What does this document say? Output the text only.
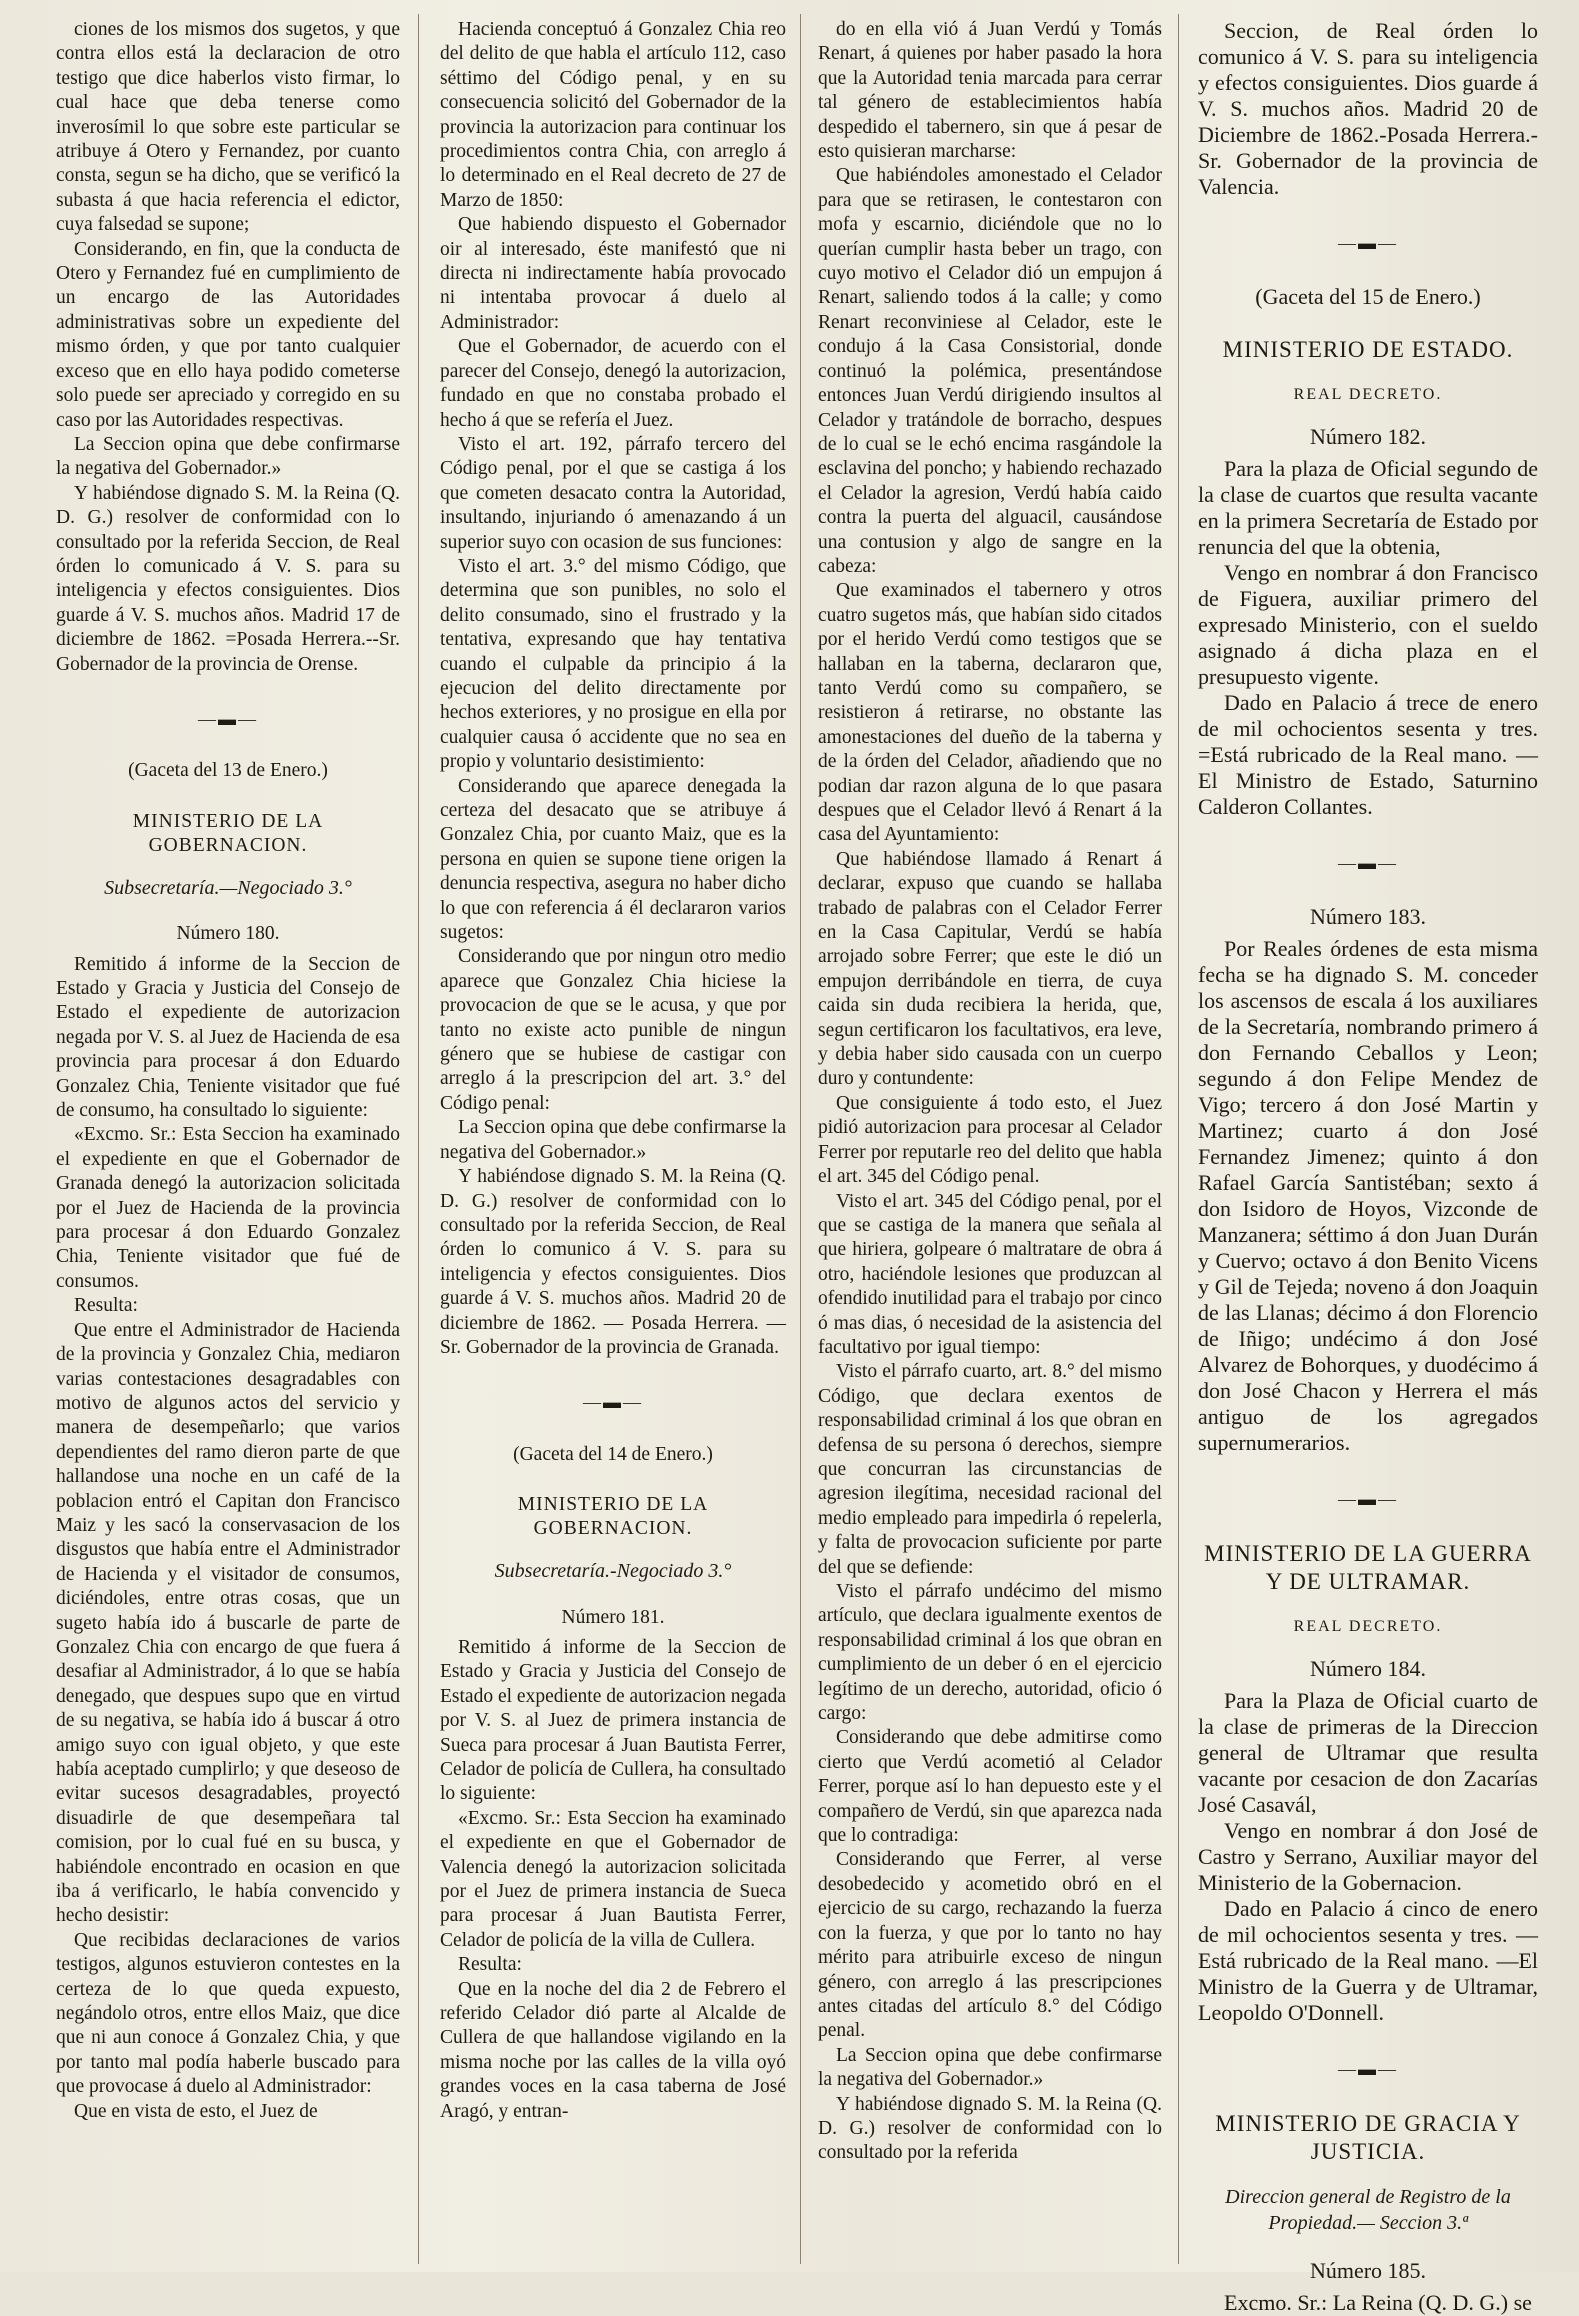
ciones de los mismos dos sugetos, y que contra ellos está la declaracion de otro testigo que dice haberlos visto firmar, lo cual hace que deba tenerse como inverosímil lo que sobre este particular se atribuye á Otero y Fernandez, por cuanto consta, segun se ha dicho, que se verificó la subasta á que hacia referencia el edictor, cuya falsedad se supone;

Considerando, en fin, que la conducta de Otero y Fernandez fué en cumplimiento de un encargo de las Autoridades administrativas sobre un expediente del mismo órden, y que por tanto cualquier exceso que en ello haya podido cometerse solo puede ser apreciado y corregido en su caso por las Autoridades respectivas.

La Seccion opina que debe confirmarse la negativa del Gobernador.»

Y habiéndose dignado S. M. la Reina (Q. D. G.) resolver de conformidad con lo consultado por la referida Seccion, de Real órden lo comunicado á V. S. para su inteligencia y efectos consiguientes. Dios guarde á V. S. muchos años. Madrid 17 de diciembre de 1862. =Posada Herrera.--Sr. Gobernador de la provincia de Orense.

—▬—
(Gaceta del 13 de Enero.)
MINISTERIO DE LA GOBERNACION.
Subsecretaría.—Negociado 3.°
Número 180.

Remitido á informe de la Seccion de Estado y Gracia y Justicia del Consejo de Estado el expediente de autorizacion negada por V. S. al Juez de Hacienda de esa provincia para procesar á don Eduardo Gonzalez Chia, Teniente visitador que fué de consumo, ha consultado lo siguiente:

«Excmo. Sr.: Esta Seccion ha examinado el expediente en que el Gobernador de Granada denegó la autorizacion solicitada por el Juez de Hacienda de la provincia para procesar á don Eduardo Gonzalez Chia, Teniente visitador que fué de consumos.

Resulta:

Que entre el Administrador de Hacienda de la provincia y Gonzalez Chia, mediaron varias contestaciones desagradables con motivo de algunos actos del servicio y manera de desempeñarlo; que varios dependientes del ramo dieron parte de que hallandose una noche en un café de la poblacion entró el Capitan don Francisco Maiz y les sacó la conservasacion de los disgustos que había entre el Administrador de Hacienda y el visitador de consumos, diciéndoles, entre otras cosas, que un sugeto había ido á buscarle de parte de Gonzalez Chia con encargo de que fuera á desafiar al Administrador, á lo que se había denegado, que despues supo que en virtud de su negativa, se había ido á buscar á otro amigo suyo con igual objeto, y que este había aceptado cumplirlo; y que deseoso de evitar sucesos desagradables, proyectó disuadirle de que desempeñara tal comision, por lo cual fué en su busca, y habiéndole encontrado en ocasion en que iba á verificarlo, le había convencido y hecho desistir:

Que recibidas declaraciones de varios testigos, algunos estuvieron contestes en la certeza de lo que queda expuesto, negándolo otros, entre ellos Maiz, que dice que ni aun conoce á Gonzalez Chia, y que por tanto mal podía haberle buscado para que provocase á duelo al Administrador:

Que en vista de esto, el Juez de

Hacienda conceptuó á Gonzalez Chia reo del delito de que habla el artículo 112, caso séttimo del Código penal, y en su consecuencia solicitó del Gobernador de la provincia la autorizacion para continuar los procedimientos contra Chia, con arreglo á lo determinado en el Real decreto de 27 de Marzo de 1850:

Que habiendo dispuesto el Gobernador oir al interesado, éste manifestó que ni directa ni indirectamente había provocado ni intentaba provocar á duelo al Administrador:

Que el Gobernador, de acuerdo con el parecer del Consejo, denegó la autorizacion, fundado en que no constaba probado el hecho á que se refería el Juez.

Visto el art. 192, párrafo tercero del Código penal, por el que se castiga á los que cometen desacato contra la Autoridad, insultando, injuriando ó amenazando á un superior suyo con ocasion de sus funciones:

Visto el art. 3.° del mismo Código, que determina que son punibles, no solo el delito consumado, sino el frustrado y la tentativa, expresando que hay tentativa cuando el culpable da principio á la ejecucion del delito directamente por hechos exteriores, y no prosigue en ella por cualquier causa ó accidente que no sea en propio y voluntario desistimiento:

Considerando que aparece denegada la certeza del desacato que se atribuye á Gonzalez Chia, por cuanto Maiz, que es la persona en quien se supone tiene origen la denuncia respectiva, asegura no haber dicho lo que con referencia á él declararon varios sugetos:

Considerando que por ningun otro medio aparece que Gonzalez Chia hiciese la provocacion de que se le acusa, y que por tanto no existe acto punible de ningun género que se hubiese de castigar con arreglo á la prescripcion del art. 3.° del Código penal:

La Seccion opina que debe confirmarse la negativa del Gobernador.»

Y habiéndose dignado S. M. la Reina (Q. D. G.) resolver de conformidad con lo consultado por la referida Seccion, de Real órden lo comunico á V. S. para su inteligencia y efectos consiguientes. Dios guarde á V. S. muchos años. Madrid 20 de diciembre de 1862. — Posada Herrera. — Sr. Gobernador de la provincia de Granada.

—▬—
(Gaceta del 14 de Enero.)
MINISTERIO DE LA GOBERNACION.
Subsecretaría.-Negociado 3.°
Número 181.

Remitido á informe de la Seccion de Estado y Gracia y Justicia del Consejo de Estado el expediente de autorizacion negada por V. S. al Juez de primera instancia de Sueca para procesar á Juan Bautista Ferrer, Celador de policía de Cullera, ha consultado lo siguiente:

«Excmo. Sr.: Esta Seccion ha examinado el expediente en que el Gobernador de Valencia denegó la autorizacion solicitada por el Juez de primera instancia de Sueca para procesar á Juan Bautista Ferrer, Celador de policía de la villa de Cullera.

Resulta:

Que en la noche del dia 2 de Febrero el referido Celador dió parte al Alcalde de Cullera de que hallandose vigilando en la misma noche por las calles de la villa oyó grandes voces en la casa taberna de José Aragó, y entran-

do en ella vió á Juan Verdú y Tomás Renart, á quienes por haber pasado la hora que la Autoridad tenia marcada para cerrar tal género de establecimientos había despedido el tabernero, sin que á pesar de esto quisieran marcharse:

Que habiéndoles amonestado el Celador para que se retirasen, le contestaron con mofa y escarnio, diciéndole que no lo querían cumplir hasta beber un trago, con cuyo motivo el Celador dió un empujon á Renart, saliendo todos á la calle; y como Renart reconviniese al Celador, este le condujo á la Casa Consistorial, donde continuó la polémica, presentándose entonces Juan Verdú dirigiendo insultos al Celador y tratándole de borracho, despues de lo cual se le echó encima rasgándole la esclavina del poncho; y habiendo rechazado el Celador la agresion, Verdú había caido contra la puerta del alguacil, causándose una contusion y algo de sangre en la cabeza:

Que examinados el tabernero y otros cuatro sugetos más, que habían sido citados por el herido Verdú como testigos que se hallaban en la taberna, declararon que, tanto Verdú como su compañero, se resistieron á retirarse, no obstante las amonestaciones del dueño de la taberna y de la órden del Celador, añadiendo que no podian dar razon alguna de lo que pasara despues que el Celador llevó á Renart á la casa del Ayuntamiento:

Que habiéndose llamado á Renart á declarar, expuso que cuando se hallaba trabado de palabras con el Celador Ferrer en la Casa Capitular, Verdú se había arrojado sobre Ferrer; que este le dió un empujon derribándole en tierra, de cuya caida sin duda recibiera la herida, que, segun certificaron los facultativos, era leve, y debia haber sido causada con un cuerpo duro y contundente:

Que consiguiente á todo esto, el Juez pidió autorizacion para procesar al Celador Ferrer por reputarle reo del delito que habla el art. 345 del Código penal.

Visto el art. 345 del Código penal, por el que se castiga de la manera que señala al que hiriera, golpeare ó maltratare de obra á otro, haciéndole lesiones que produzcan al ofendido inutilidad para el trabajo por cinco ó mas dias, ó necesidad de la asistencia del facultativo por igual tiempo:

Visto el párrafo cuarto, art. 8.° del mismo Código, que declara exentos de responsabilidad criminal á los que obran en defensa de su persona ó derechos, siempre que concurran las circunstancias de agresion ilegítima, necesidad racional del medio empleado para impedirla ó repelerla, y falta de provocacion suficiente por parte del que se defiende:

Visto el párrafo undécimo del mismo artículo, que declara igualmente exentos de responsabilidad criminal á los que obran en cumplimiento de un deber ó en el ejercicio legítimo de un derecho, autoridad, oficio ó cargo:

Considerando que debe admitirse como cierto que Verdú acometió al Celador Ferrer, porque así lo han depuesto este y el compañero de Verdú, sin que aparezca nada que lo contradiga:

Considerando que Ferrer, al verse desobedecido y acometido obró en el ejercicio de su cargo, rechazando la fuerza con la fuerza, y que por lo tanto no hay mérito para atribuirle exceso de ningun género, con arreglo á las prescripciones antes citadas del artículo 8.° del Código penal.

La Seccion opina que debe confirmarse la negativa del Gobernador.»

Y habiéndose dignado S. M. la Reina (Q. D. G.) resolver de conformidad con lo consultado por la referida

Seccion, de Real órden lo comunico á V. S. para su inteligencia y efectos consiguientes. Dios guarde á V. S. muchos años. Madrid 20 de Diciembre de 1862.-Posada Herrera.-Sr. Gobernador de la provincia de Valencia.

—▬—
(Gaceta del 15 de Enero.)
MINISTERIO DE ESTADO.
REAL DECRETO.
Número 182.

Para la plaza de Oficial segundo de la clase de cuartos que resulta vacante en la primera Secretaría de Estado por renuncia del que la obtenia,

Vengo en nombrar á don Francisco de Figuera, auxiliar primero del expresado Ministerio, con el sueldo asignado á dicha plaza en el presupuesto vigente.

Dado en Palacio á trece de enero de mil ochocientos sesenta y tres. =Está rubricado de la Real mano. —El Ministro de Estado, Saturnino Calderon Collantes.

—▬—
Número 183.

Por Reales órdenes de esta misma fecha se ha dignado S. M. conceder los ascensos de escala á los auxiliares de la Secretaría, nombrando primero á don Fernando Ceballos y Leon; segundo á don Felipe Mendez de Vigo; tercero á don José Martin y Martinez; cuarto á don José Fernandez Jimenez; quinto á don Rafael García Santistéban; sexto á don Isidoro de Hoyos, Vizconde de Manzanera; séttimo á don Juan Durán y Cuervo; octavo á don Benito Vicens y Gil de Tejeda; noveno á don Joaquin de las Llanas; décimo á don Florencio de Iñigo; undécimo á don José Alvarez de Bohorques, y duodécimo á don José Chacon y Herrera el más antiguo de los agregados supernumerarios.

—▬—
MINISTERIO DE LA GUERRA Y DE ULTRAMAR.
REAL DECRETO.
Número 184.

Para la Plaza de Oficial cuarto de la clase de primeras de la Direccion general de Ultramar que resulta vacante por cesacion de don Zacarías José Casavál,

Vengo en nombrar á don José de Castro y Serrano, Auxiliar mayor del Ministerio de la Gobernacion.

Dado en Palacio á cinco de enero de mil ochocientos sesenta y tres. —Está rubricado de la Real mano. —El Ministro de la Guerra y de Ultramar, Leopoldo O'Donnell.

—▬—
MINISTERIO DE GRACIA Y JUSTICIA.
Direccion general de Registro de la Propiedad.— Seccion 3.ª
Número 185.

Excmo. Sr.: La Reina (Q. D. G.) se
